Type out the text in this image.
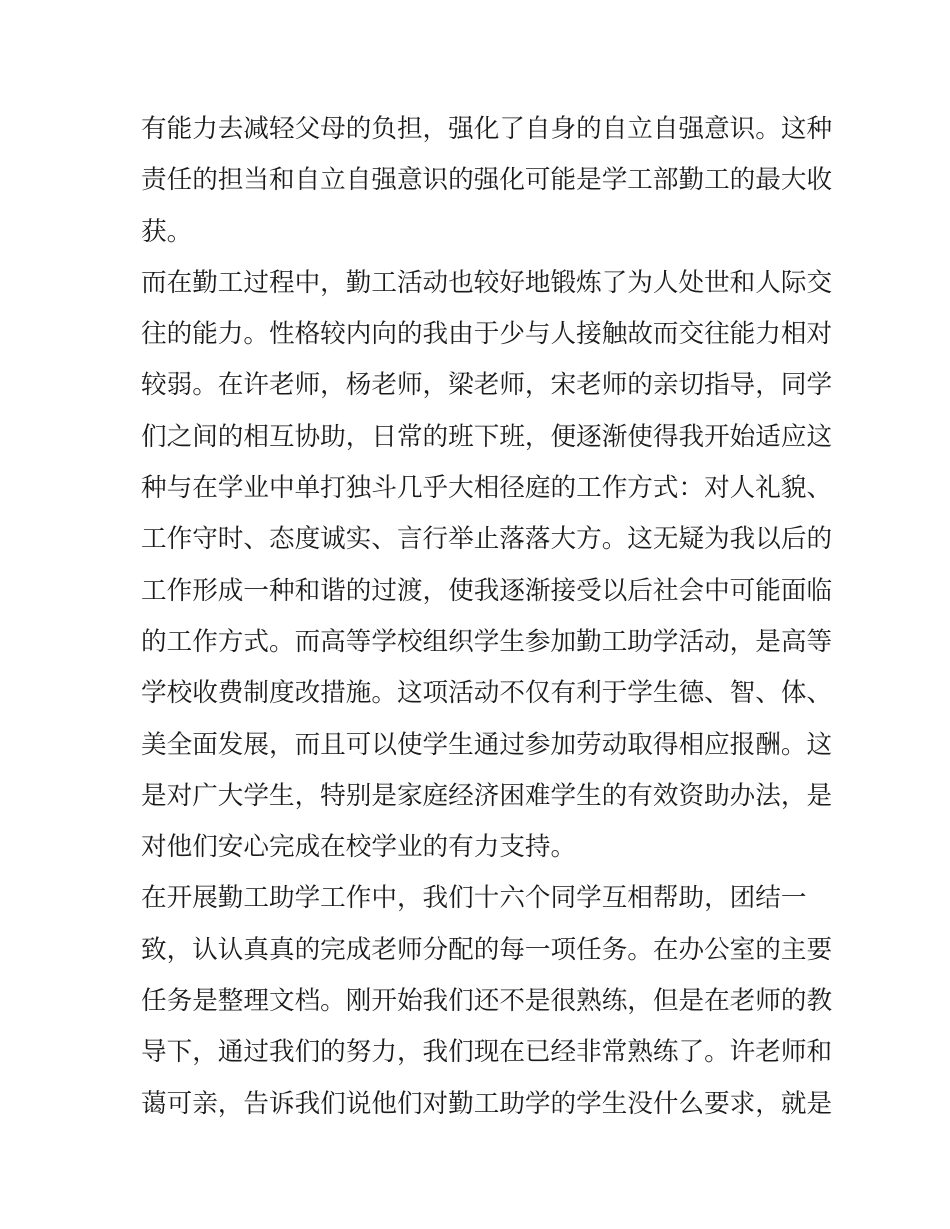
有能力去减轻父母的负担，强化了自身的自立自强意识。这种
责任的担当和自立自强意识的强化可能是学工部勤工的最大收
获。
而在勤工过程中，勤工活动也较好地锻炼了为人处世和人际交
往的能力。性格较内向的我由于少与人接触故而交往能力相对
较弱。在许老师，杨老师，梁老师，宋老师的亲切指导，同学
们之间的相互协助，日常的班下班，便逐渐使得我开始适应这
种与在学业中单打独斗几乎大相径庭的工作方式：对人礼貌、
工作守时、态度诚实、言行举止落落大方。这无疑为我以后的
工作形成一种和谐的过渡，使我逐渐接受以后社会中可能面临
的工作方式。而高等学校组织学生参加勤工助学活动，是高等
学校收费制度改措施。这项活动不仅有利于学生德、智、体、
美全面发展，而且可以使学生通过参加劳动取得相应报酬。这
是对广大学生，特别是家庭经济困难学生的有效资助办法，是
对他们安心完成在校学业的有力支持。
在开展勤工助学工作中，我们十六个同学互相帮助，团结一
致，认认真真的完成老师分配的每一项任务。在办公室的主要
任务是整理文档。刚开始我们还不是很熟练，但是在老师的教
导下，通过我们的努力，我们现在已经非常熟练了。许老师和
蔼可亲，告诉我们说他们对勤工助学的学生没什么要求，就是
